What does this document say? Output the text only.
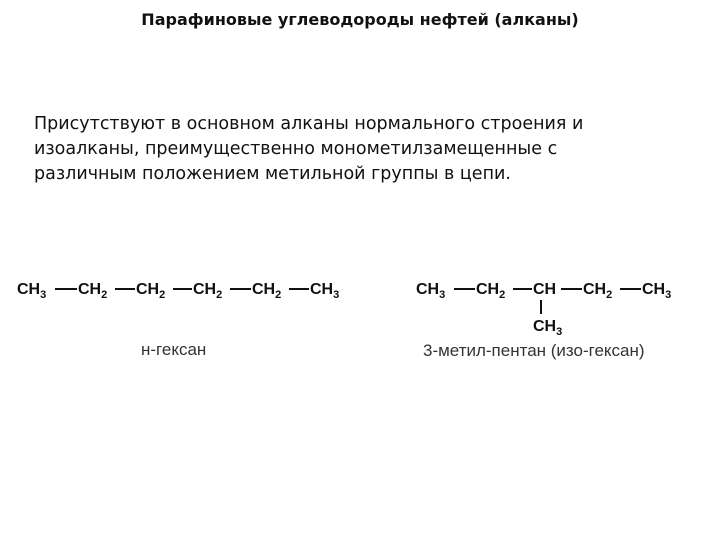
Парафиновые углеводороды нефтей (алканы)

Присутствуют в основном алканы нормального строения и
изоалканы, преимущественно монометилзамещенные с
различным положением метильной группы в цепи.

$CH_3$ $CH_2$ $CH_2$ $CH_2$ $CH_2$ $CH_3$	$CH_3$ $CH_2$ CH $CH_2$ $CH_3$
$CH_3$
н-гексан	3-метил-пентан (изо-гексан)
